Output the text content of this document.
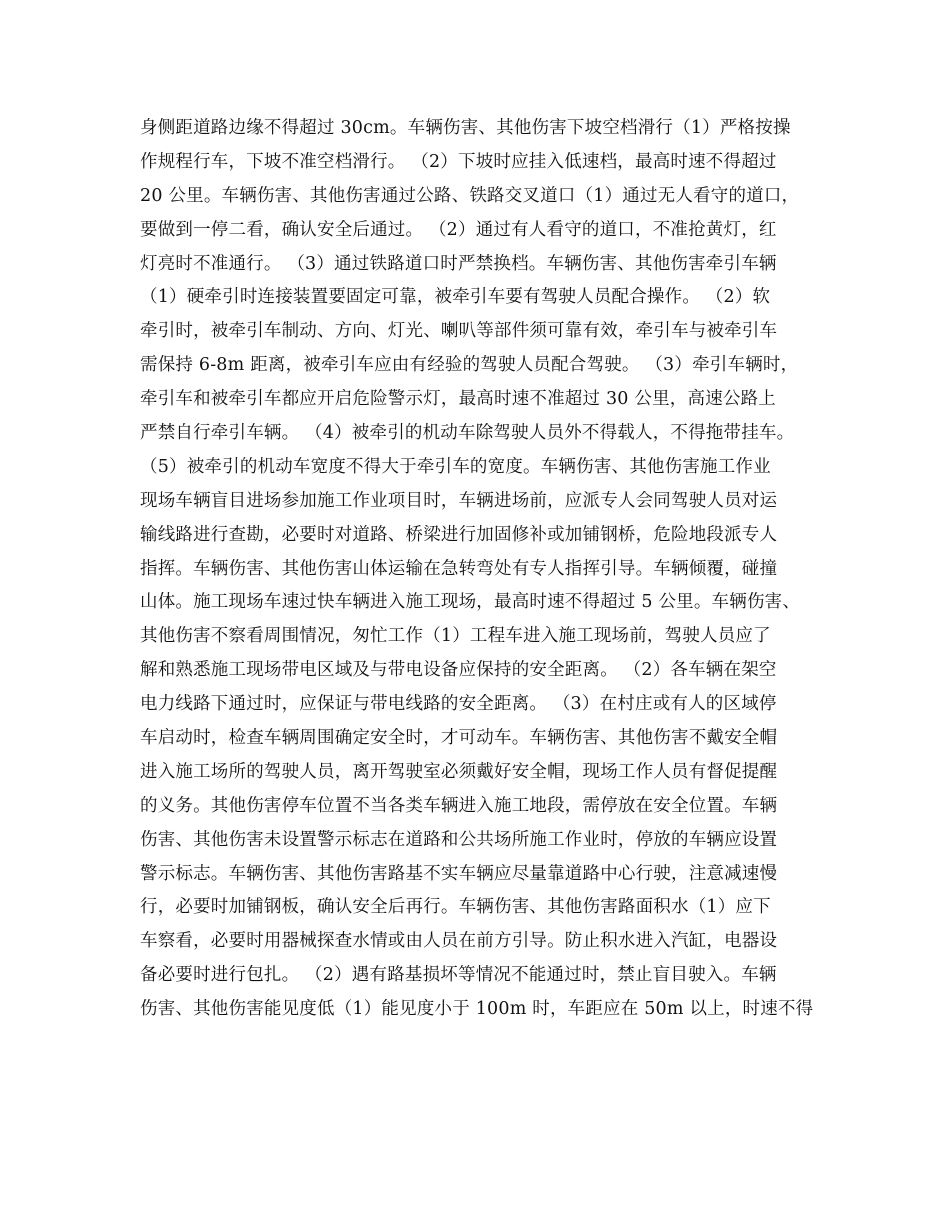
身侧距道路边缘不得超过 30cm。车辆伤害、其他伤害下坡空档滑行（1）严格按操
作规程行车，下坡不准空档滑行。 （2）下坡时应挂入低速档，最高时速不得超过
20 公里。车辆伤害、其他伤害通过公路、铁路交叉道口（1）通过无人看守的道口，
要做到一停二看，确认安全后通过。 （2）通过有人看守的道口，不准抢黄灯，红
灯亮时不准通行。 （3）通过铁路道口时严禁换档。车辆伤害、其他伤害牵引车辆
（1）硬牵引时连接装置要固定可靠，被牵引车要有驾驶人员配合操作。 （2）软
牵引时，被牵引车制动、方向、灯光、喇叭等部件须可靠有效，牵引车与被牵引车
需保持 6-8m 距离，被牵引车应由有经验的驾驶人员配合驾驶。 （3）牵引车辆时，
牵引车和被牵引车都应开启危险警示灯，最高时速不准超过 30 公里，高速公路上
严禁自行牵引车辆。 （4）被牵引的机动车除驾驶人员外不得载人，不得拖带挂车。
（5）被牵引的机动车宽度不得大于牵引车的宽度。车辆伤害、其他伤害施工作业
现场车辆盲目进场参加施工作业项目时，车辆进场前，应派专人会同驾驶人员对运
输线路进行查勘，必要时对道路、桥梁进行加固修补或加铺钢桥，危险地段派专人
指挥。车辆伤害、其他伤害山体运输在急转弯处有专人指挥引导。车辆倾覆，碰撞
山体。施工现场车速过快车辆进入施工现场，最高时速不得超过 5 公里。车辆伤害、
其他伤害不察看周围情况，匆忙工作（1）工程车进入施工现场前，驾驶人员应了
解和熟悉施工现场带电区域及与带电设备应保持的安全距离。 （2）各车辆在架空
电力线路下通过时，应保证与带电线路的安全距离。 （3）在村庄或有人的区域停
车启动时，检查车辆周围确定安全时，才可动车。车辆伤害、其他伤害不戴安全帽
进入施工场所的驾驶人员，离开驾驶室必须戴好安全帽，现场工作人员有督促提醒
的义务。其他伤害停车位置不当各类车辆进入施工地段，需停放在安全位置。车辆
伤害、其他伤害未设置警示标志在道路和公共场所施工作业时，停放的车辆应设置
警示标志。车辆伤害、其他伤害路基不实车辆应尽量靠道路中心行驶，注意减速慢
行，必要时加铺钢板，确认安全后再行。车辆伤害、其他伤害路面积水（1）应下
车察看，必要时用器械探查水情或由人员在前方引导。防止积水进入汽缸，电器设
备必要时进行包扎。 （2）遇有路基损坏等情况不能通过时，禁止盲目驶入。车辆
伤害、其他伤害能见度低（1）能见度小于 100m 时，车距应在 50m 以上，时速不得
